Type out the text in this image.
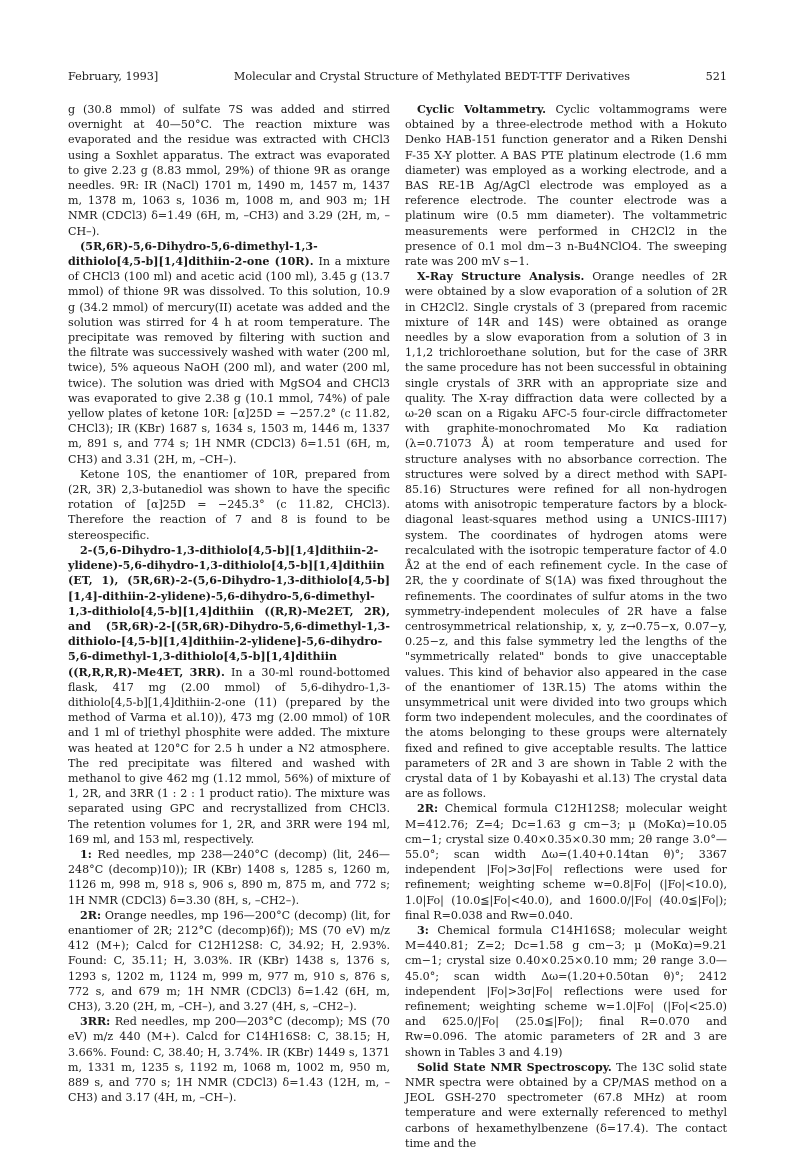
February, 1993]	Molecular and Crystal Structure of Methylated BEDT-TTF Derivatives	521

g (30.8 mmol) of sulfate 7S was added and stirred overnight at 40—50°C. The reaction mixture was evaporated and the residue was extracted with CHCl3 using a Soxhlet apparatus. The extract was evaporated to give 2.23 g (8.83 mmol, 29%) of thione 9R as orange needles. 9R: IR (NaCl) 1701 m, 1490 m, 1457 m, 1437 m, 1378 m, 1063 s, 1036 m, 1008 m, and 903 m; 1H NMR (CDCl3) δ=1.49 (6H, m, –CH3) and 3.29 (2H, m, –CH–).

(5R,6R)-5,6-Dihydro-5,6-dimethyl-1,3-dithiolo[4,5-b][1,4]dithiin-2-one (10R). In a mixture of CHCl3 (100 ml) and acetic acid (100 ml), 3.45 g (13.7 mmol) of thione 9R was dissolved. To this solution, 10.9 g (34.2 mmol) of mercury(II) acetate was added and the solution was stirred for 4 h at room temperature. The precipitate was removed by filtering with suction and the filtrate was successively washed with water (200 ml, twice), 5% aqueous NaOH (200 ml), and water (200 ml, twice). The solution was dried with MgSO4 and CHCl3 was evaporated to give 2.38 g (10.1 mmol, 74%) of pale yellow plates of ketone 10R: [α]25D = −257.2° (c 11.82, CHCl3); IR (KBr) 1687 s, 1634 s, 1503 m, 1446 m, 1337 m, 891 s, and 774 s; 1H NMR (CDCl3) δ=1.51 (6H, m, CH3) and 3.31 (2H, m, –CH–).

Ketone 10S, the enantiomer of 10R, prepared from (2R, 3R) 2,3-butanediol was shown to have the specific rotation of [α]25D = −245.3° (c 11.82, CHCl3). Therefore the reaction of 7 and 8 is found to be stereospecific.

2-(5,6-Dihydro-1,3-dithiolo[4,5-b][1,4]dithiin-2-ylidene)-5,6-dihydro-1,3-dithiolo[4,5-b][1,4]dithiin (ET, 1), (5R,6R)-2-(5,6-Dihydro-1,3-dithiolo[4,5-b][1,4]-dithiin-2-ylidene)-5,6-dihydro-5,6-dimethyl-1,3-dithiolo[4,5-b][1,4]dithiin ((R,R)-Me2ET, 2R), and (5R,6R)-2-[(5R,6R)-Dihydro-5,6-dimethyl-1,3-dithiolo-[4,5-b][1,4]dithiin-2-ylidene]-5,6-dihydro-5,6-dimethyl-1,3-dithiolo[4,5-b][1,4]dithiin ((R,R,R,R)-Me4ET, 3RR). In a 30-ml round-bottomed flask, 417 mg (2.00 mmol) of 5,6-dihydro-1,3-dithiolo[4,5-b][1,4]dithiin-2-one (11) (prepared by the method of Varma et al.10)), 473 mg (2.00 mmol) of 10R and 1 ml of triethyl phosphite were added. The mixture was heated at 120°C for 2.5 h under a N2 atmosphere. The red precipitate was filtered and washed with methanol to give 462 mg (1.12 mmol, 56%) of mixture of 1, 2R, and 3RR (1 : 2 : 1 product ratio). The mixture was separated using GPC and recrystallized from CHCl3. The retention volumes for 1, 2R, and 3RR were 194 ml, 169 ml, and 153 ml, respectively.

1: Red needles, mp 238—240°C (decomp) (lit, 246—248°C (decomp)10)); IR (KBr) 1408 s, 1285 s, 1260 m, 1126 m, 998 m, 918 s, 906 s, 890 m, 875 m, and 772 s; 1H NMR (CDCl3) δ=3.30 (8H, s, –CH2–).

2R: Orange needles, mp 196—200°C (decomp) (lit, for enantiomer of 2R; 212°C (decomp)6f)); MS (70 eV) m/z 412 (M+); Calcd for C12H12S8: C, 34.92; H, 2.93%. Found: C, 35.11; H, 3.03%. IR (KBr) 1438 s, 1376 s, 1293 s, 1202 m, 1124 m, 999 m, 977 m, 910 s, 876 s, 772 s, and 679 m; 1H NMR (CDCl3) δ=1.42 (6H, m, CH3), 3.20 (2H, m, –CH–), and 3.27 (4H, s, –CH2–).

3RR: Red needles, mp 200—203°C (decomp); MS (70 eV) m/z 440 (M+). Calcd for C14H16S8: C, 38.15; H, 3.66%. Found: C, 38.40; H, 3.74%. IR (KBr) 1449 s, 1371 m, 1331 m, 1235 s, 1192 m, 1068 m, 1002 m, 950 m, 889 s, and 770 s; 1H NMR (CDCl3) δ=1.43 (12H, m, –CH3) and 3.17 (4H, m, –CH–).

Cyclic Voltammetry. Cyclic voltammograms were obtained by a three-electrode method with a Hokuto Denko HAB-151 function generator and a Riken Denshi F-35 X-Y plotter. A BAS PTE platinum electrode (1.6 mm diameter) was employed as a working electrode, and a BAS RE-1B Ag/AgCl electrode was employed as a reference electrode. The counter electrode was a platinum wire (0.5 mm diameter). The voltammetric measurements were performed in CH2Cl2 in the presence of 0.1 mol dm−3 n-Bu4NClO4. The sweeping rate was 200 mV s−1.

X-Ray Structure Analysis. Orange needles of 2R were obtained by a slow evaporation of a solution of 2R in CH2Cl2. Single crystals of 3 (prepared from racemic mixture of 14R and 14S) were obtained as orange needles by a slow evaporation from a solution of 3 in 1,1,2 trichloroethane solution, but for the case of 3RR the same procedure has not been successful in obtaining single crystals of 3RR with an appropriate size and quality. The X-ray diffraction data were collected by a ω-2θ scan on a Rigaku AFC-5 four-circle diffractometer with graphite-monochromated Mo Kα radiation (λ=0.71073 Å) at room temperature and used for structure analyses with no absorbance correction. The structures were solved by a direct method with SAPI-85.16) Structures were refined for all non-hydrogen atoms with anisotropic temperature factors by a block-diagonal least-squares method using a UNICS-III17) system. The coordinates of hydrogen atoms were recalculated with the isotropic temperature factor of 4.0 Å2 at the end of each refinement cycle. In the case of 2R, the y coordinate of S(1A) was fixed throughout the refinements. The coordinates of sulfur atoms in the two symmetry-independent molecules of 2R have a false centrosymmetrical relationship, x, y, z→0.75−x, 0.07−y, 0.25−z, and this false symmetry led the lengths of the "symmetrically related" bonds to give unacceptable values. This kind of behavior also appeared in the case of the enantiomer of 13R.15) The atoms within the unsymmetrical unit were divided into two groups which form two independent molecules, and the coordinates of the atoms belonging to these groups were alternately fixed and refined to give acceptable results. The lattice parameters of 2R and 3 are shown in Table 2 with the crystal data of 1 by Kobayashi et al.13) The crystal data are as follows.

2R: Chemical formula C12H12S8; molecular weight M=412.76; Z=4; Dc=1.63 g cm−3; μ (MoKα)=10.05 cm−1; crystal size 0.40×0.35×0.30 mm; 2θ range 3.0°—55.0°; scan width Δω=(1.40+0.14tan θ)°; 3367 independent |Fo|>3σ|Fo| reflections were used for refinement; weighting scheme w=0.8|Fo| (|Fo|<10.0), 1.0|Fo| (10.0≦|Fo|<40.0), and 1600.0/|Fo| (40.0≦|Fo|); final R=0.038 and Rw=0.040.

3: Chemical formula C14H16S8; molecular weight M=440.81; Z=2; Dc=1.58 g cm−3; μ (MoKα)=9.21 cm−1; crystal size 0.40×0.25×0.10 mm; 2θ range 3.0—45.0°; scan width Δω=(1.20+0.50tan θ)°; 2412 independent |Fo|>3σ|Fo| reflections were used for refinement; weighting scheme w=1.0|Fo| (|Fo|<25.0) and 625.0/|Fo| (25.0≦|Fo|); final R=0.070 and Rw=0.096. The atomic parameters of 2R and 3 are shown in Tables 3 and 4.19)

Solid State NMR Spectroscopy. The 13C solid state NMR spectra were obtained by a CP/MAS method on a JEOL GSH-270 spectrometer (67.8 MHz) at room temperature and were externally referenced to methyl carbons of hexamethylbenzene (δ=17.4). The contact time and the
